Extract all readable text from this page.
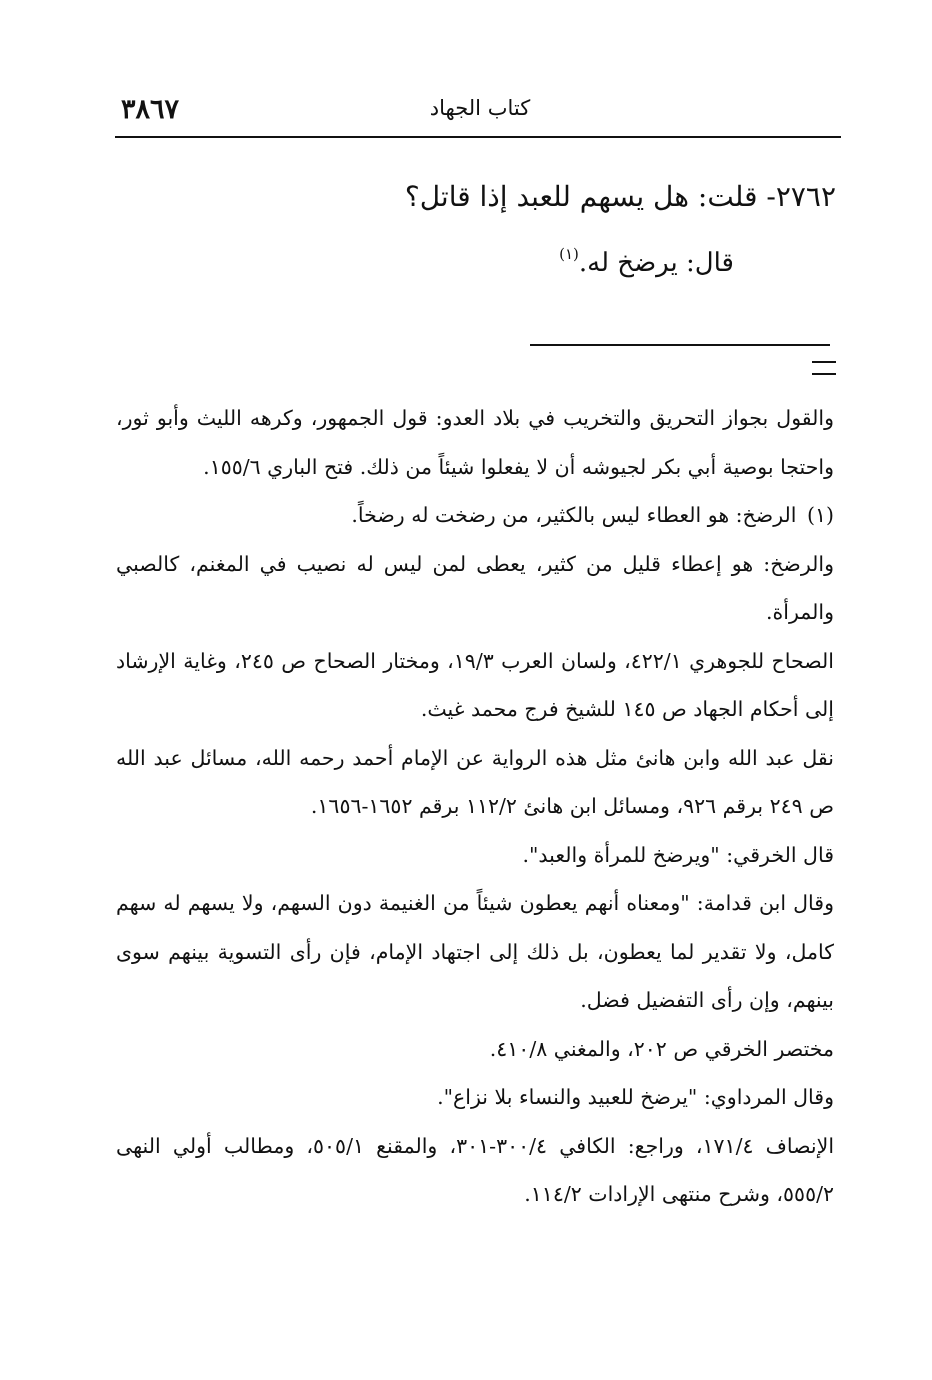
٣٨٦٧	كتاب الجهاد
٢٧٦٢- قلت: هل يسهم للعبد إذا قاتل؟
قال: يرضخ له.$^{(١)}$

والقول بجواز التحريق والتخريب في بلاد العدو: قول الجمهور، وكرهه الليث وأبو ثور، واحتجا بوصية أبي بكر لجيوشه أن لا يفعلوا شيئاً من ذلك. فتح الباري ١٥٥/٦.

(١) الرضخ: هو العطاء ليس بالكثير، من رضخت له رضخاً.

والرضخ: هو إعطاء قليل من كثير، يعطى لمن ليس له نصيب في المغنم، كالصبي والمرأة.

الصحاح للجوهري ٤٢٢/١، ولسان العرب ١٩/٣، ومختار الصحاح ص ٢٤٥، وغاية الإرشاد إلى أحكام الجهاد ص ١٤٥ للشيخ فرج محمد غيث.

نقل عبد الله وابن هانئ مثل هذه الرواية عن الإمام أحمد رحمه الله، مسائل عبد الله ص ٢٤٩ برقم ٩٢٦، ومسائل ابن هانئ ١١٢/٢ برقم ١٦٥٢-١٦٥٦.

قال الخرقي: "ويرضخ للمرأة والعبد".

وقال ابن قدامة: "ومعناه أنهم يعطون شيئاً من الغنيمة دون السهم، ولا يسهم له سهم كامل، ولا تقدير لما يعطون، بل ذلك إلى اجتهاد الإمام، فإن رأى التسوية بينهم سوى بينهم، وإن رأى التفضيل فضل.

مختصر الخرقي ص ٢٠٢، والمغني ٤١٠/٨.

وقال المرداوي: "يرضخ للعبيد والنساء بلا نزاع".

الإنصاف ١٧١/٤، وراجع: الكافي ٣٠٠/٤-٣٠١، والمقنع ٥٠٥/١، ومطالب أولي النهى ٥٥٥/٢، وشرح منتهى الإرادات ١١٤/٢.
